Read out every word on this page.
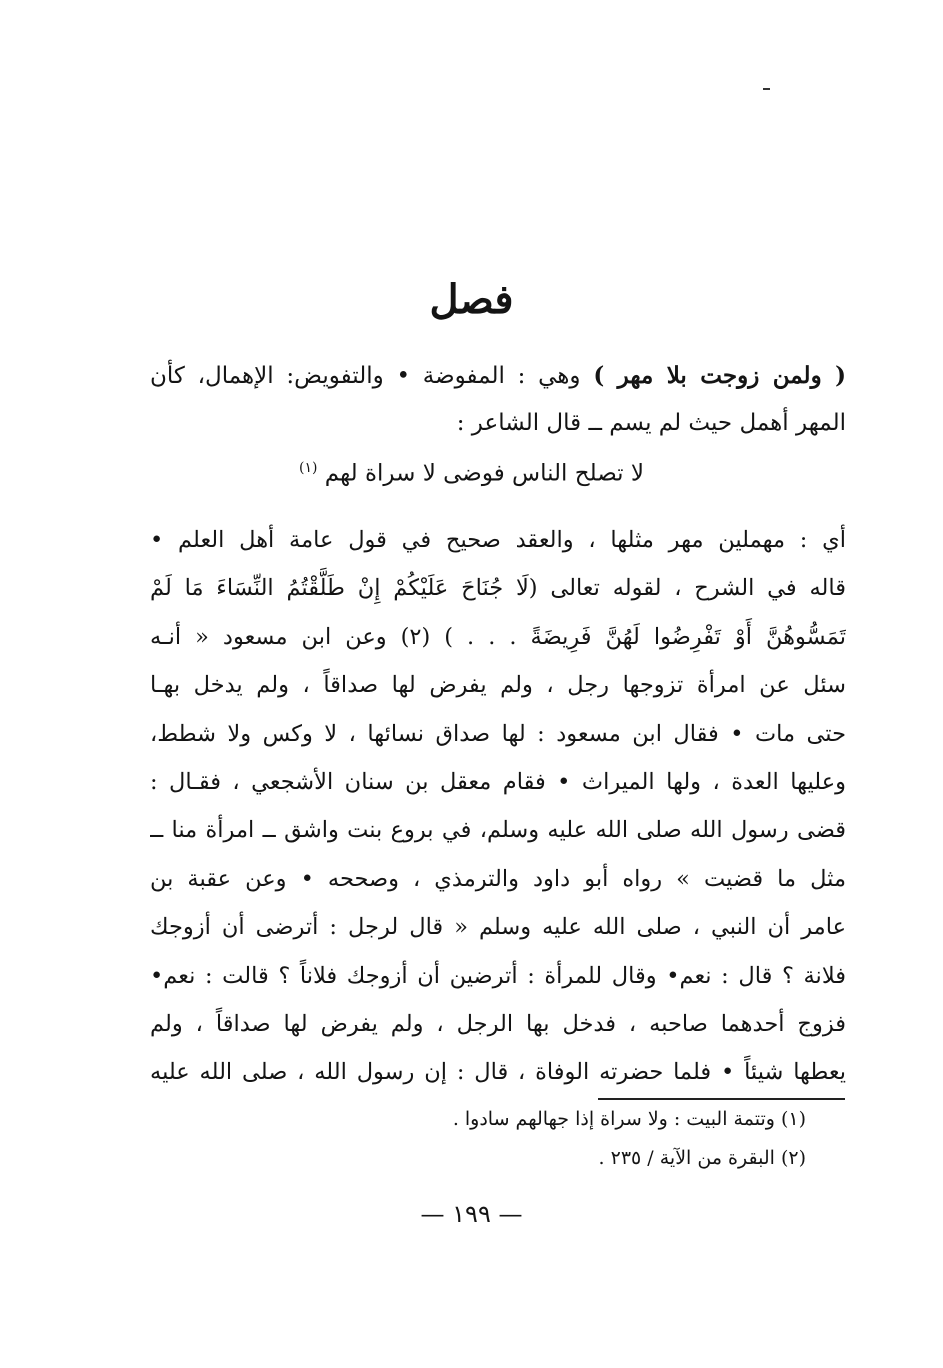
فصل
( ولمن زوجت بلا مهر ) وهي : المفوضة • والتفويض: الإهمال، كأن
المهر أهمل حيث لم يسم ــ قال الشاعر :
لا تصلح الناس فوضى لا سراة لهم $^{(١)}$
أي : مهملين مهر مثلها ، والعقد صحيح في قول عامة أهل العلم •
قاله في الشرح ، لقوله تعالى (لَا جُنَاحَ عَلَيْكُمْ إِنْ طَلَّقْتُمُ النِّسَاءَ مَا لَمْ
تَمَسُّوهُنَّ أَوْ تَفْرِضُوا لَهُنَّ فَرِيضَةً . . . ) (٢) وعن ابن مسعود « أنـه
سئل عن امرأة تزوجها رجل ، ولم يفرض لها صداقاً ، ولم يدخل بهـا
حتى مات • فقال ابن مسعود : لها صداق نسائها ، لا وكس ولا شطط،
وعليها العدة ، ولها الميراث • فقام معقل بن سنان الأشجعي ، فقـال :
قضى رسول الله صلى الله عليه وسلم، في بروع بنت واشق ــ امرأة منا ــ
مثل ما قضيت » رواه أبو داود والترمذي ، وصححه • وعن عقبة بن
عامر أن النبي ، صلى الله عليه وسلم « قال لرجل : أترضى أن أزوجك
فلانة ؟ قال : نعم• وقال للمرأة : أترضين أن أزوجك فلاناً ؟ قالت : نعم•
فزوج أحدهما صاحبه ، فدخل بها الرجل ، ولم يفرض لها صداقاً ، ولم
يعطها شيئاً • فلما حضرته الوفاة ، قال : إن رسول الله ، صلى الله عليه
(١) وتتمة البيت : ولا سراة إذا جهالهم سادوا .
(٢) البقرة من الآية / ٢٣٥ .
— ١٩٩ —
